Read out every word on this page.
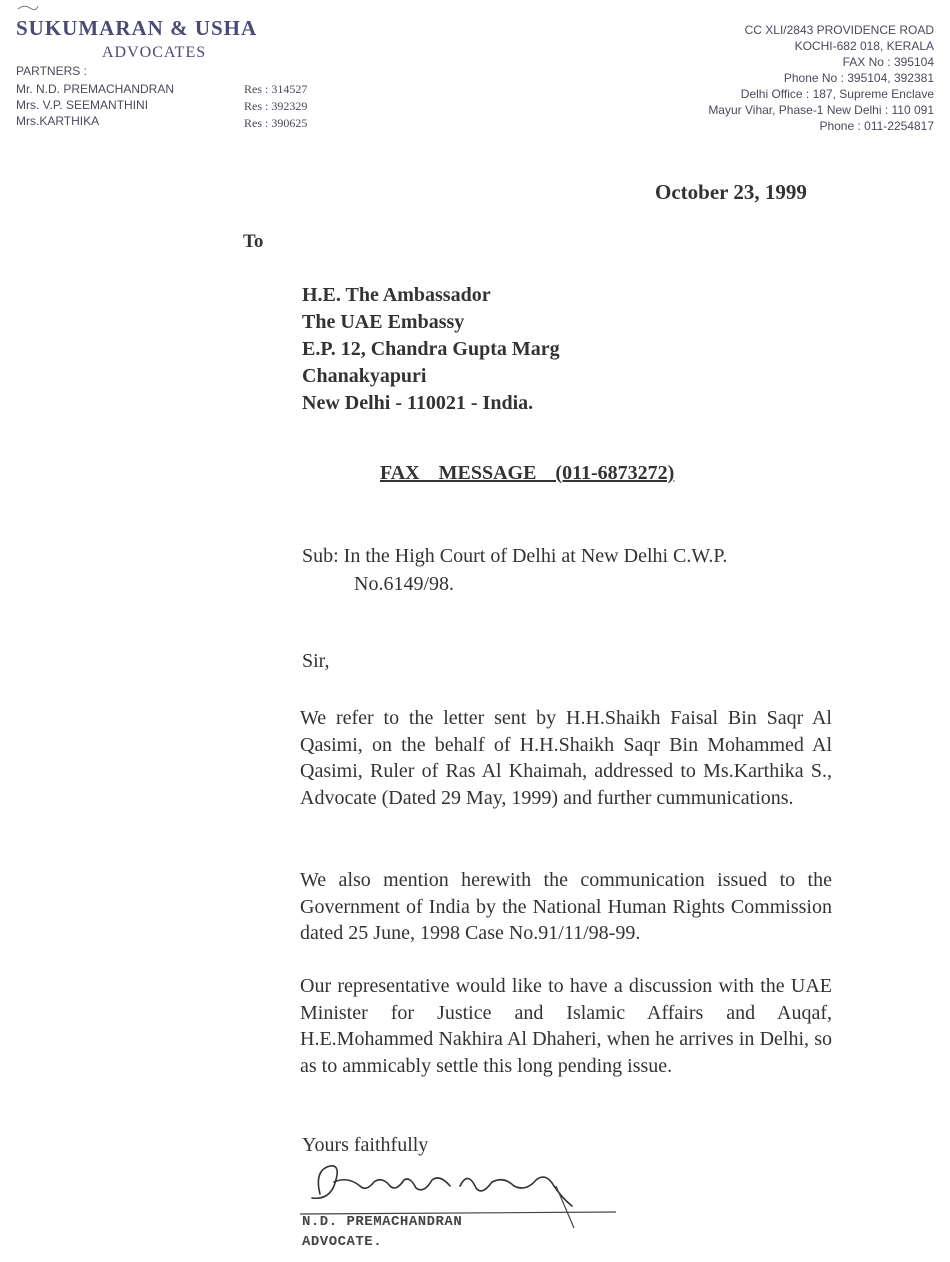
SUKUMARAN & USHA
ADVOCATES
PARTNERS :
Mr. N.D. PREMACHANDRAN
Mrs. V.P. SEEMANTHINI
Mrs.KARTHIKA
Res : 314527
Res : 392329
Res : 390625
CC XLI/2843 PROVIDENCE ROAD
KOCHI-682 018, KERALA
FAX No : 395104
Phone No : 395104, 392381
Delhi Office : 187, Supreme Enclave
Mayur Vihar, Phase-1 New Delhi : 110 091
Phone : 011-2254817
October 23, 1999
To
H.E. The Ambassador
The UAE Embassy
E.P. 12, Chandra Gupta Marg
Chanakyapuri
New Delhi - 110021 - India.
FAX MESSAGE (011-6873272)
Sub: In the High Court of Delhi at New Delhi C.W.P.
No.6149/98.
Sir,
We refer to the letter sent by H.H.Shaikh Faisal Bin Saqr Al Qasimi, on the behalf of H.H.Shaikh Saqr Bin Mohammed Al Qasimi, Ruler of Ras Al Khaimah, addressed to Ms.Karthika S., Advocate (Dated 29 May, 1999) and further cummunications.
We also mention herewith the communication issued to the Government of India by the National Human Rights Commission dated 25 June, 1998 Case No.91/11/98-99.
Our representative would like to have a discussion with the UAE Minister for Justice and Islamic Affairs and Auqaf, H.E.Mohammed Nakhira Al Dhaheri, when he arrives in Delhi, so as to ammicably settle this long pending issue.
Yours faithfully
N.D. PREMACHANDRAN
ADVOCATE.
